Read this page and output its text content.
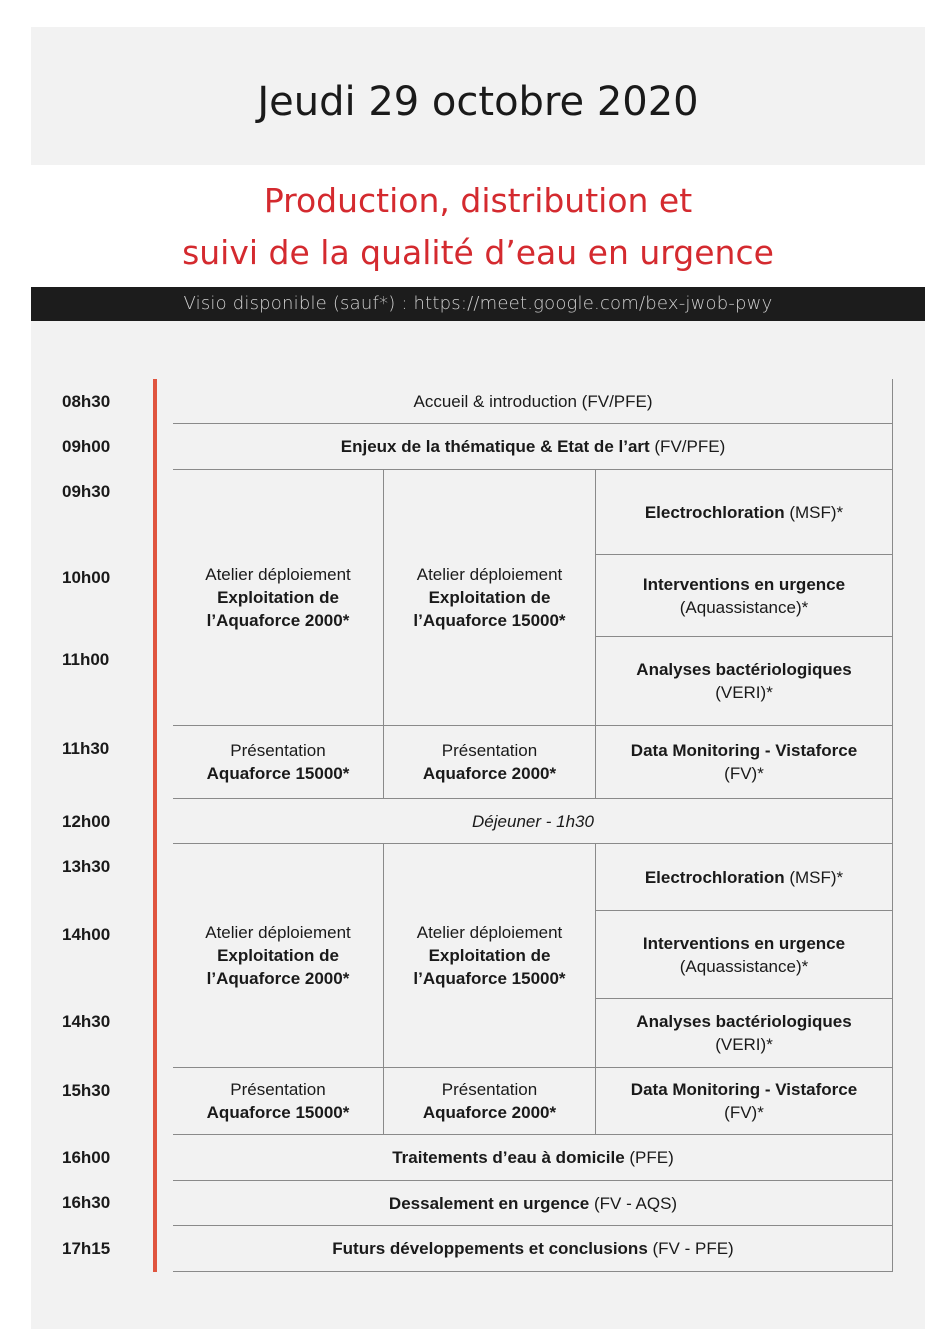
Jeudi 29 octobre 2020
Production, distribution et
suivi de la qualité d’eau en urgence
Visio disponible (sauf*) : https://meet.google.com/bex-jwob-pwy
08h30
09h00
09h30
10h00
11h00
11h30
12h00
13h30
14h00
14h30
15h30
16h00
16h30
17h15
Accueil & introduction (FV/PFE)
Enjeux de la thématique & Etat de l’art (FV/PFE)
Atelier déploiement
Exploitation de l’Aquaforce 2000*
Atelier déploiement
Exploitation de l’Aquaforce 15000*
Electrochloration (MSF)*
Interventions en urgence
(Aquassistance)*
Analyses bactériologiques
(VERI)*
Présentation
Aquaforce 15000*
Présentation
Aquaforce 2000*
Data Monitoring - Vistaforce
(FV)*
Déjeuner - 1h30
Atelier déploiement
Exploitation de l’Aquaforce 2000*
Atelier déploiement
Exploitation de l’Aquaforce 15000*
Electrochloration (MSF)*
Interventions en urgence
(Aquassistance)*
Analyses bactériologiques
(VERI)*
Présentation
Aquaforce 15000*
Présentation
Aquaforce 2000*
Data Monitoring - Vistaforce
(FV)*
Traitements d’eau à domicile (PFE)
Dessalement en urgence (FV - AQS)
Futurs développements et conclusions (FV - PFE)
